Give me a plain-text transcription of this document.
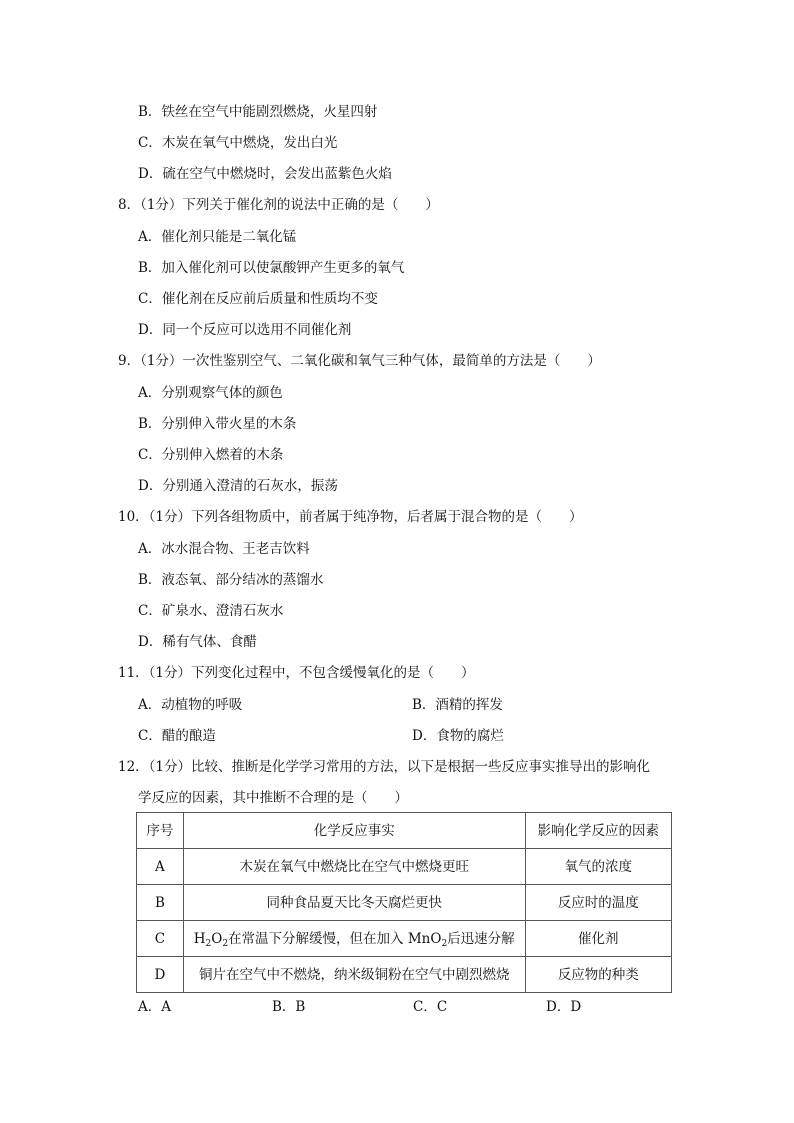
B．铁丝在空气中能剧烈燃烧，火星四射
C．木炭在氧气中燃烧，发出白光
D．硫在空气中燃烧时，会发出蓝紫色火焰
8．（1分）下列关于催化剂的说法中正确的是（　　）
A．催化剂只能是二氧化锰
B．加入催化剂可以使氯酸钾产生更多的氧气
C．催化剂在反应前后质量和性质均不变
D．同一个反应可以选用不同催化剂
9．（1分）一次性鉴别空气、二氧化碳和氧气三种气体，最简单的方法是（　　）
A．分别观察气体的颜色
B．分别伸入带火星的木条
C．分别伸入燃着的木条
D．分别通入澄清的石灰水，振荡
10．（1分）下列各组物质中，前者属于纯净物，后者属于混合物的是（　　）
A．冰水混合物、王老吉饮料
B．液态氧、部分结冰的蒸馏水
C．矿泉水、澄清石灰水
D．稀有气体、食醋
11．（1分）下列变化过程中，不包含缓慢氧化的是（　　）
A．动植物的呼吸	B．酒精的挥发
C．醋的酿造	D．食物的腐烂
12．（1分）比较、推断是化学学习常用的方法，以下是根据一些反应事实推导出的影响化
学反应的因素，其中推断不合理的是（　　）
序号	化学反应事实	影响化学反应的因素
A	木炭在氧气中燃烧比在空气中燃烧更旺	氧气的浓度
B	同种食品夏天比冬天腐烂更快	反应时的温度
C	$H_2O_2$在常温下分解缓慢，但在加入 MnO$_2$后迅速分解	催化剂
D	铜片在空气中不燃烧，纳米级铜粉在空气中剧烈燃烧	反应物的种类
A．A	B．B	C．C	D．D
